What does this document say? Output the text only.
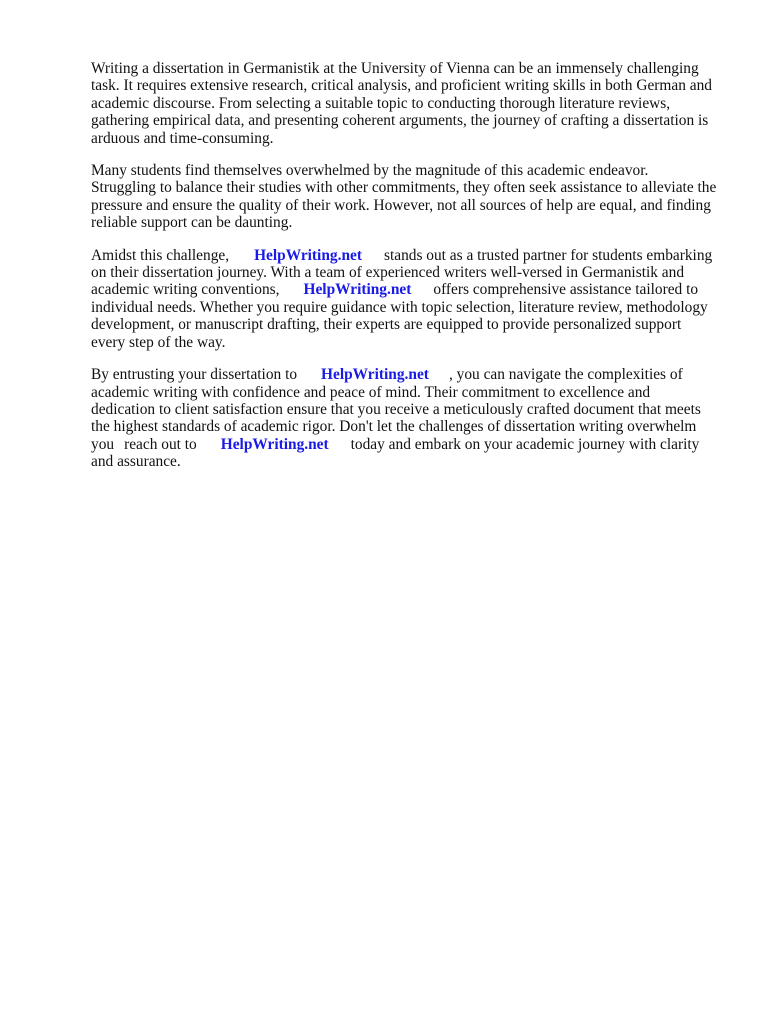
Writing a dissertation in Germanistik at the University of Vienna can be an immensely challenging
task. It requires extensive research, critical analysis, and proficient writing skills in both German and
academic discourse. From selecting a suitable topic to conducting thorough literature reviews,
gathering empirical data, and presenting coherent arguments, the journey of crafting a dissertation is
arduous and time-consuming.

Many students find themselves overwhelmed by the magnitude of this academic endeavor.
Struggling to balance their studies with other commitments, they often seek assistance to alleviate the
pressure and ensure the quality of their work. However, not all sources of help are equal, and finding
reliable support can be daunting.

Amidst this challenge, HelpWriting.net stands out as a trusted partner for students embarking
on their dissertation journey. With a team of experienced writers well-versed in Germanistik and
academic writing conventions, HelpWriting.net offers comprehensive assistance tailored to
individual needs. Whether you require guidance with topic selection, literature review, methodology
development, or manuscript drafting, their experts are equipped to provide personalized support
every step of the way.

By entrusting your dissertation to HelpWriting.net , you can navigate the complexities of
academic writing with confidence and peace of mind. Their commitment to excellence and
dedication to client satisfaction ensure that you receive a meticulously crafted document that meets
the highest standards of academic rigor. Don't let the challenges of dissertation writing overwhelm
you reach out to HelpWriting.net today and embark on your academic journey with clarity
and assurance.
